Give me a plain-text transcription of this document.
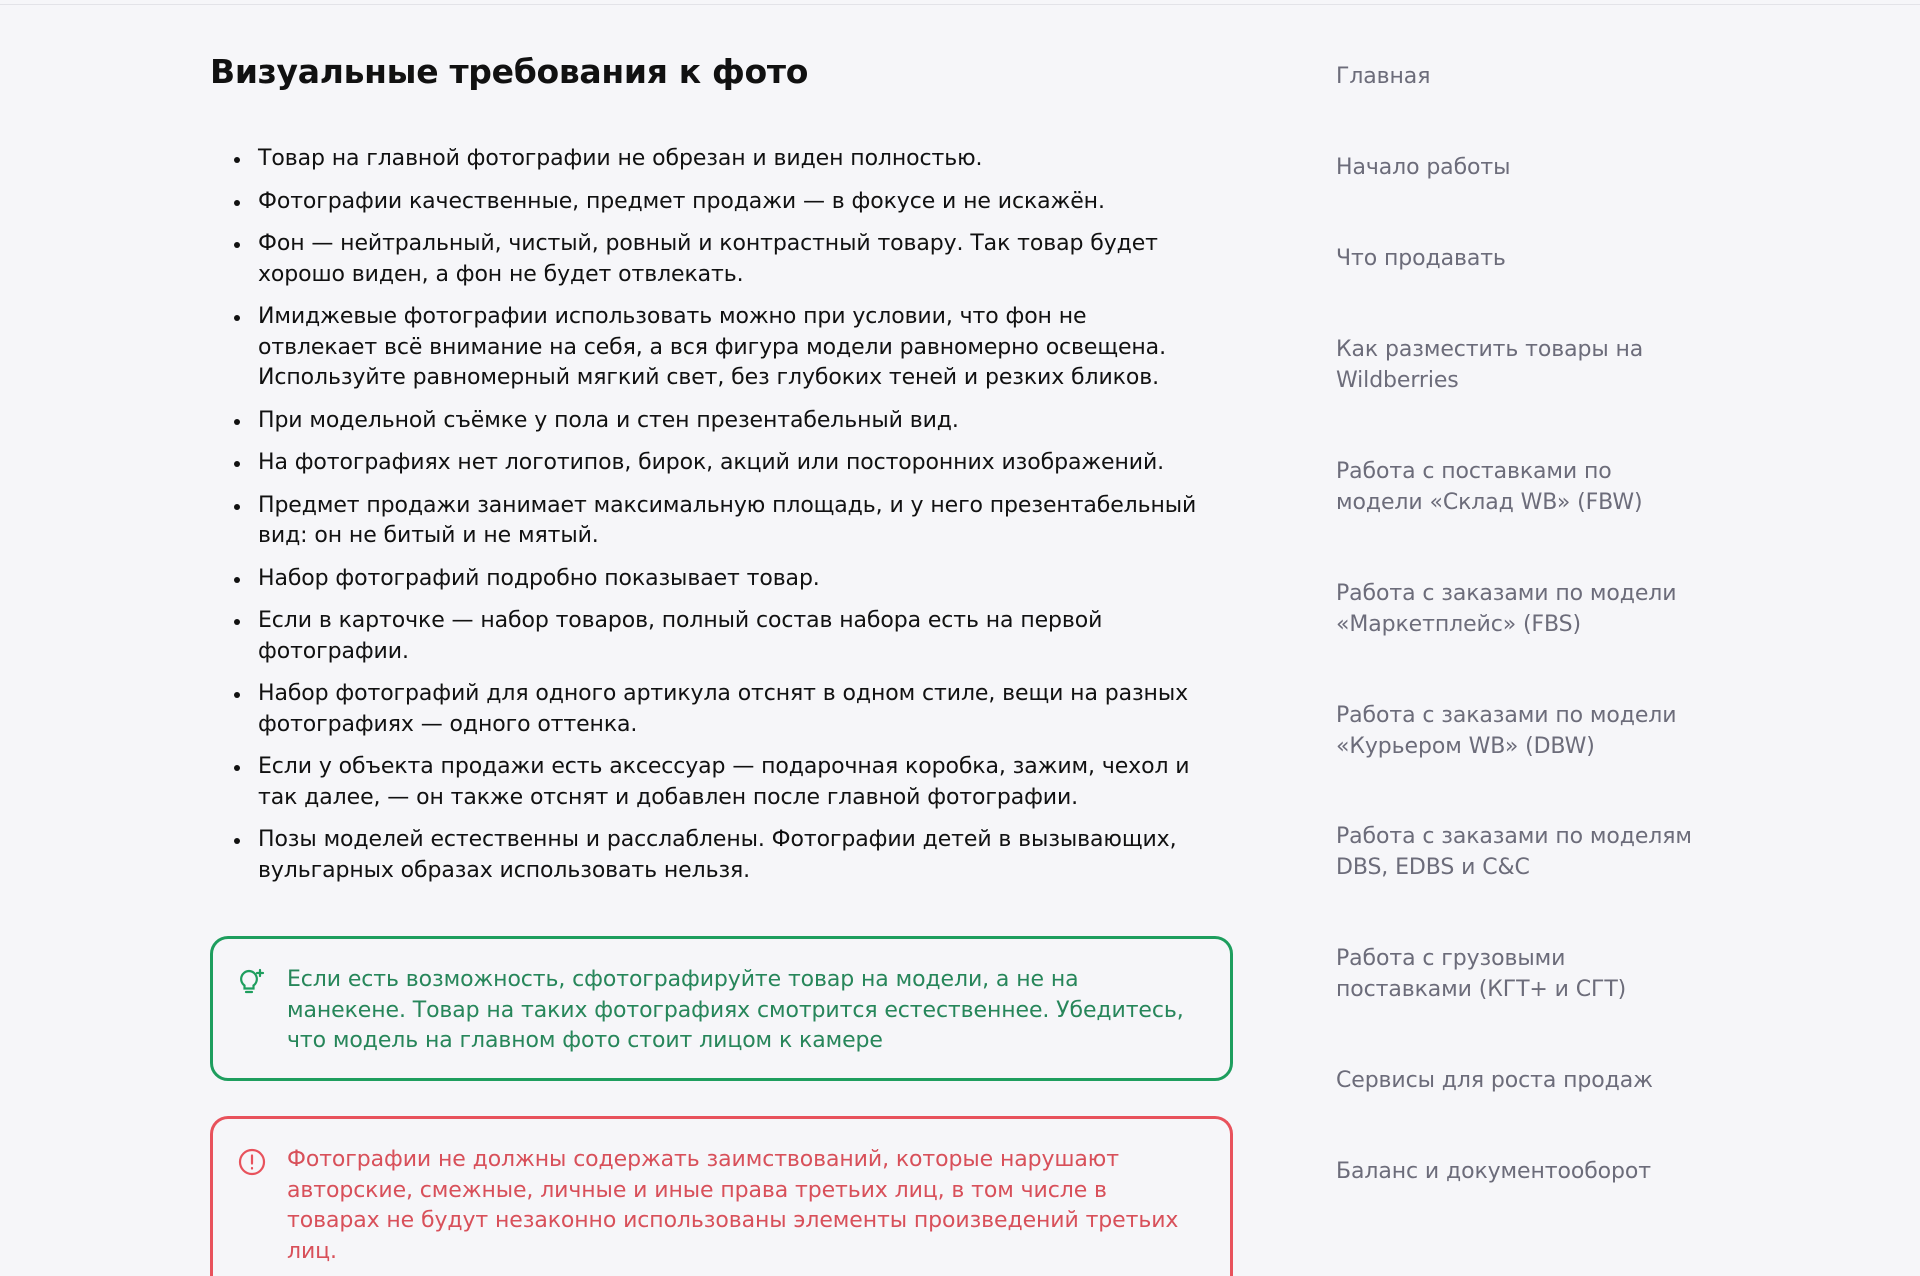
Визуальные требования к фото
Товар на главной фотографии не обрезан и виден полностью.
Фотографии качественные, предмет продажи — в фокусе и не искажён.
Фон — нейтральный, чистый, ровный и контрастный товару. Так товар будет хорошо виден, а фон не будет отвлекать.
Имиджевые фотографии использовать можно при условии, что фон не отвлекает всё внимание на себя, а вся фигура модели равномерно освещена. Используйте равномерный мягкий свет, без глубоких теней и резких бликов.
При модельной съёмке у пола и стен презентабельный вид.
На фотографиях нет логотипов, бирок, акций или посторонних изображений.
Предмет продажи занимает максимальную площадь, и у него презентабельный вид: он не битый и не мятый.
Набор фотографий подробно показывает товар.
Если в карточке — набор товаров, полный состав набора есть на первой фотографии.
Набор фотографий для одного артикула отснят в одном стиле, вещи на разных фотографиях — одного оттенка.
Если у объекта продажи есть аксессуар — подарочная коробка, зажим, чехол и так далее, — он также отснят и добавлен после главной фотографии.
Позы моделей естественны и расслаблены. Фотографии детей в вызывающих, вульгарных образах использовать нельзя.
Если есть возможность, сфотографируйте товар на модели, а не на манекене. Товар на таких фотографиях смотрится естественнее. Убедитесь, что модель на главном фото стоит лицом к камере
Фотографии не должны содержать заимствований, которые нарушают авторские, смежные, личные и иные права третьих лиц, в том числе в товарах не будут незаконно использованы элементы произведений третьих лиц.
Главная
Начало работы
Что продавать
Как разместить товары на Wildberries
Работа с поставками по модели «Склад WB» (FBW)
Работа с заказами по модели «Маркетплейс» (FBS)
Работа с заказами по модели «Курьером WB» (DBW)
Работа с заказами по моделям DBS, EDBS и C&C
Работа с грузовыми поставками (КГТ+ и СГТ)
Сервисы для роста продаж
Баланс и документооборот
